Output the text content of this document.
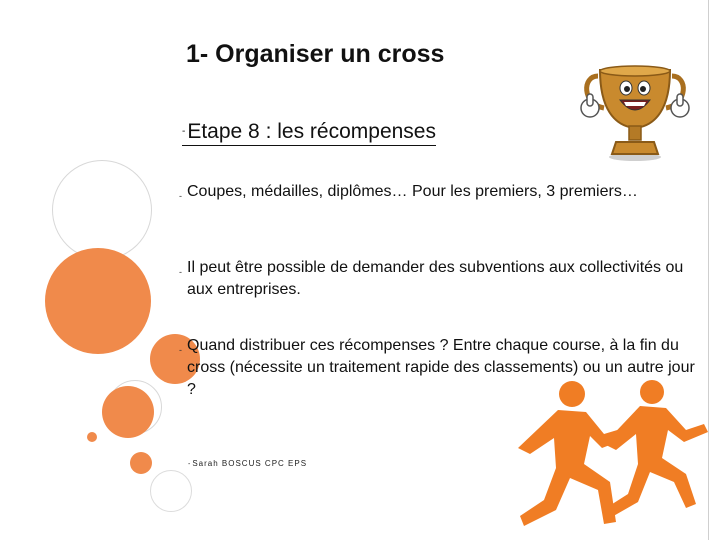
1- Organiser un cross
-Etape 8 : les récompenses
- Coupes, médailles, diplômes… Pour les premiers, 3 premiers…
- Il peut être possible de demander des subventions aux collectivités ou aux entreprises.
- Quand distribuer ces récompenses ? Entre chaque course, à la fin du cross (nécessite un traitement rapide des classements) ou un autre jour ?
-Sarah BOSCUS CPC EPS
